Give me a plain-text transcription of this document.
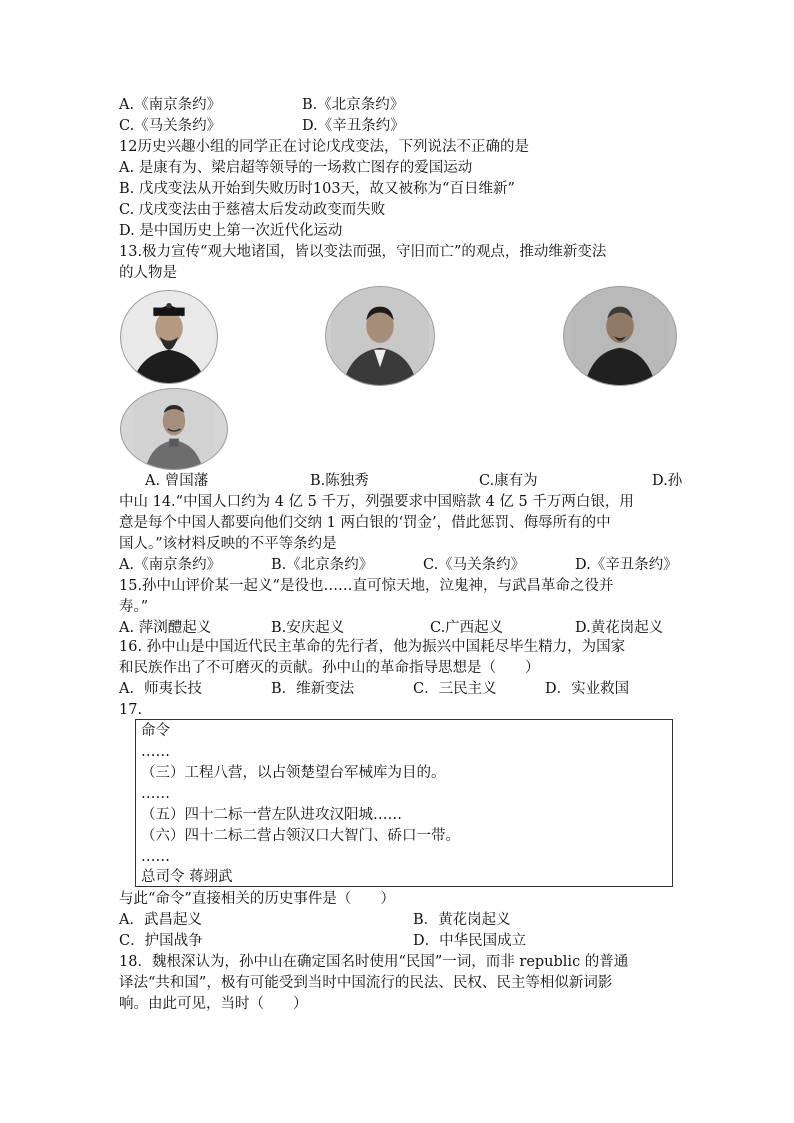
A.《南京条约》	B.《北京条约》
C.《马关条约》	D.《辛丑条约》
12历史兴趣小组的同学正在讨论戊戌变法，下列说法不正确的是
A. 是康有为、梁启超等领导的一场救亡图存的爱国运动
B. 戊戌变法从开始到失败历时103天，故又被称为“百日维新”
C. 戊戌变法由于慈禧太后发动政变而失败
D. 是中国历史上第一次近代化运动
13.极力宣传“观大地诸国，皆以变法而强，守旧而亡”的观点，推动维新变法
的人物是
A. 曾国藩	B.陈独秀	C.康有为	D.孙
中山 14.“中国人口约为 4 亿 5 千万，列强要求中国赔款 4 亿 5 千万两白银，用
意是每个中国人都要向他们交纳 1 两白银的‘罚金’，借此惩罚、侮辱所有的中
国人。”该材料反映的不平等条约是
A.《南京条约》	B.《北京条约》	C.《马关条约》	D.《辛丑条约》
15.孙中山评价某一起义“是役也……直可惊天地，泣鬼神，与武昌革命之役并
寿。”
A. 萍浏醴起义	B.安庆起义	C.广西起义	D.黄花岗起义
16. 孙中山是中国近代民主革命的先行者，他为振兴中国耗尽毕生精力，为国家
和民族作出了不可磨灭的贡献。孙中山的革命指导思想是（　　）
A．师夷长技	B．维新变法	C．三民主义	D．实业救国
17.
命令
……
（三）工程八营，以占领楚望台军械库为目的。
……
（五）四十二标一营左队进攻汉阳城……
（六）四十二标二营占领汉口大智门、硚口一带。
……
总司令 蒋翊武
与此“命令”直接相关的历史事件是（　　）
A．武昌起义	B．黄花岗起义
C．护国战争	D．中华民国成立
18．魏根深认为，孙中山在确定国名时使用“民国”一词，而非 republic 的普通
译法“共和国”，极有可能受到当时中国流行的民法、民权、民主等相似新词影
响。由此可见，当时（　　）
